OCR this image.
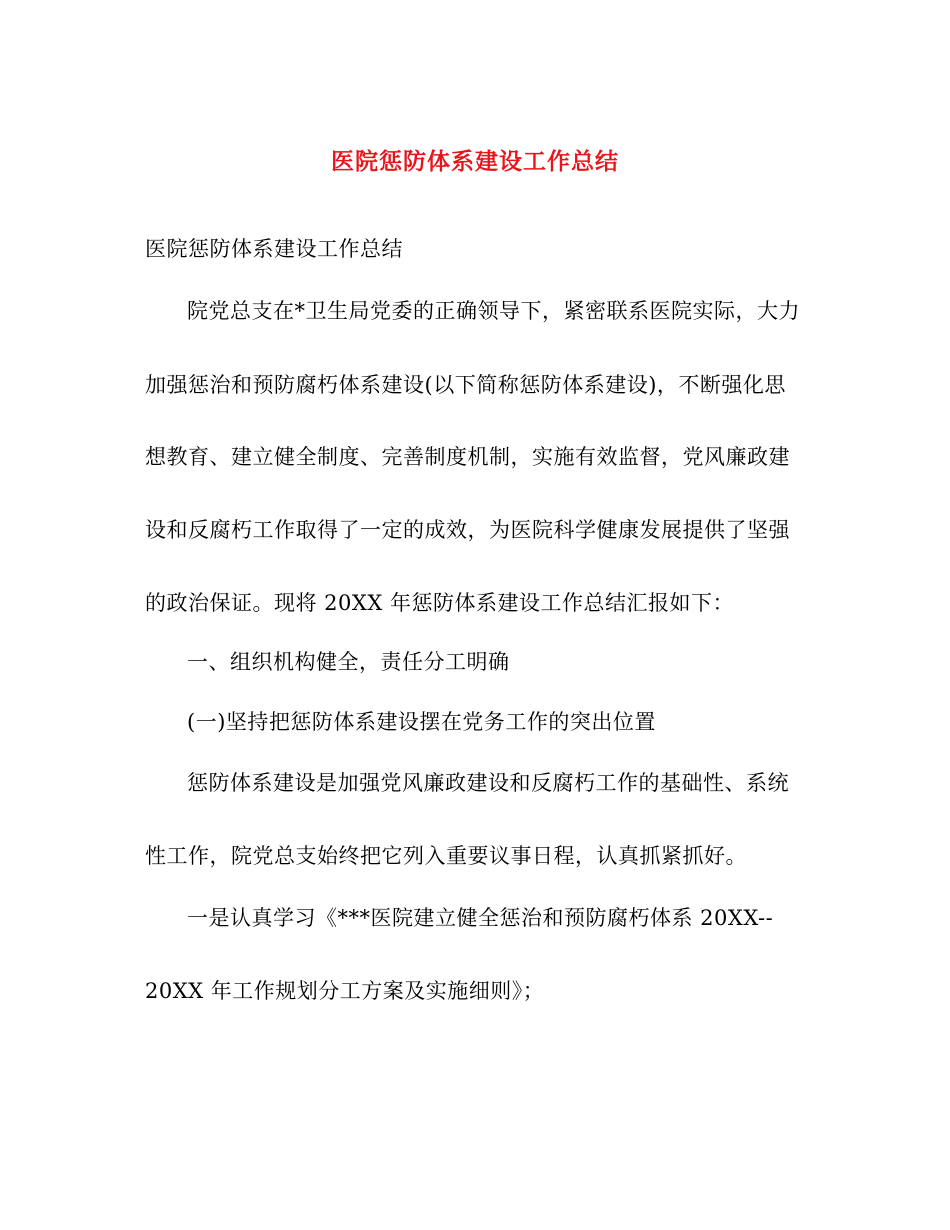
医院惩防体系建设工作总结
医院惩防体系建设工作总结
院党总支在*卫生局党委的正确领导下，紧密联系医院实际，大力
加强惩治和预防腐朽体系建设(以下简称惩防体系建设)，不断强化思
想教育、建立健全制度、完善制度机制，实施有效监督，党风廉政建
设和反腐朽工作取得了一定的成效，为医院科学健康发展提供了坚强
的政治保证。现将 20XX 年惩防体系建设工作总结汇报如下：
一、组织机构健全，责任分工明确
(一)坚持把惩防体系建设摆在党务工作的突出位置
惩防体系建设是加强党风廉政建设和反腐朽工作的基础性、系统
性工作，院党总支始终把它列入重要议事日程，认真抓紧抓好。
一是认真学习《***医院建立健全惩治和预防腐朽体系 20XX--
20XX 年工作规划分工方案及实施细则》；
